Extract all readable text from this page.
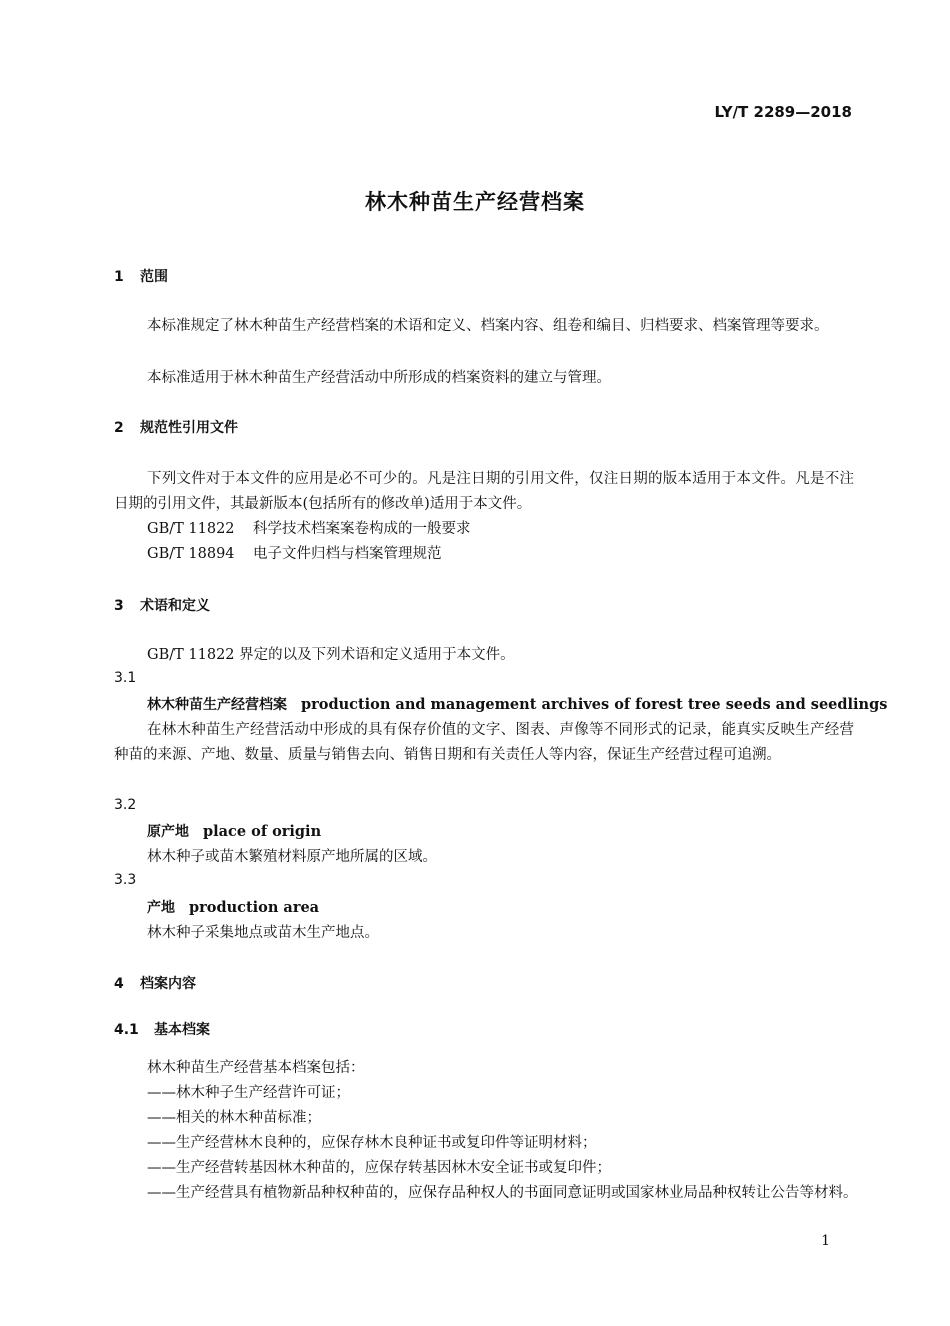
LY/T 2289—2018
林木种苗生产经营档案
1 范围
本标准规定了林木种苗生产经营档案的术语和定义、档案内容、组卷和编目、归档要求、档案管理等要求。
本标准适用于林木种苗生产经营活动中所形成的档案资料的建立与管理。
2 规范性引用文件
下列文件对于本文件的应用是必不可少的。凡是注日期的引用文件，仅注日期的版本适用于本文件。凡是不注日期的引用文件，其最新版本(包括所有的修改单)适用于本文件。
GB/T 11822 科学技术档案案卷构成的一般要求
GB/T 18894 电子文件归档与档案管理规范
3 术语和定义
GB/T 11822 界定的以及下列术语和定义适用于本文件。
3.1
林木种苗生产经营档案 production and management archives of forest tree seeds and seedlings
在林木种苗生产经营活动中形成的具有保存价值的文字、图表、声像等不同形式的记录，能真实反映生产经营种苗的来源、产地、数量、质量与销售去向、销售日期和有关责任人等内容，保证生产经营过程可追溯。
3.2
原产地 place of origin
林木种子或苗木繁殖材料原产地所属的区域。
3.3
产地 production area
林木种子采集地点或苗木生产地点。
4 档案内容
4.1 基本档案
林木种苗生产经营基本档案包括：
——林木种子生产经营许可证；
——相关的林木种苗标准；
——生产经营林木良种的，应保存林木良种证书或复印件等证明材料；
——生产经营转基因林木种苗的，应保存转基因林木安全证书或复印件；
——生产经营具有植物新品种权种苗的，应保存品种权人的书面同意证明或国家林业局品种权转让公告等材料。
1
